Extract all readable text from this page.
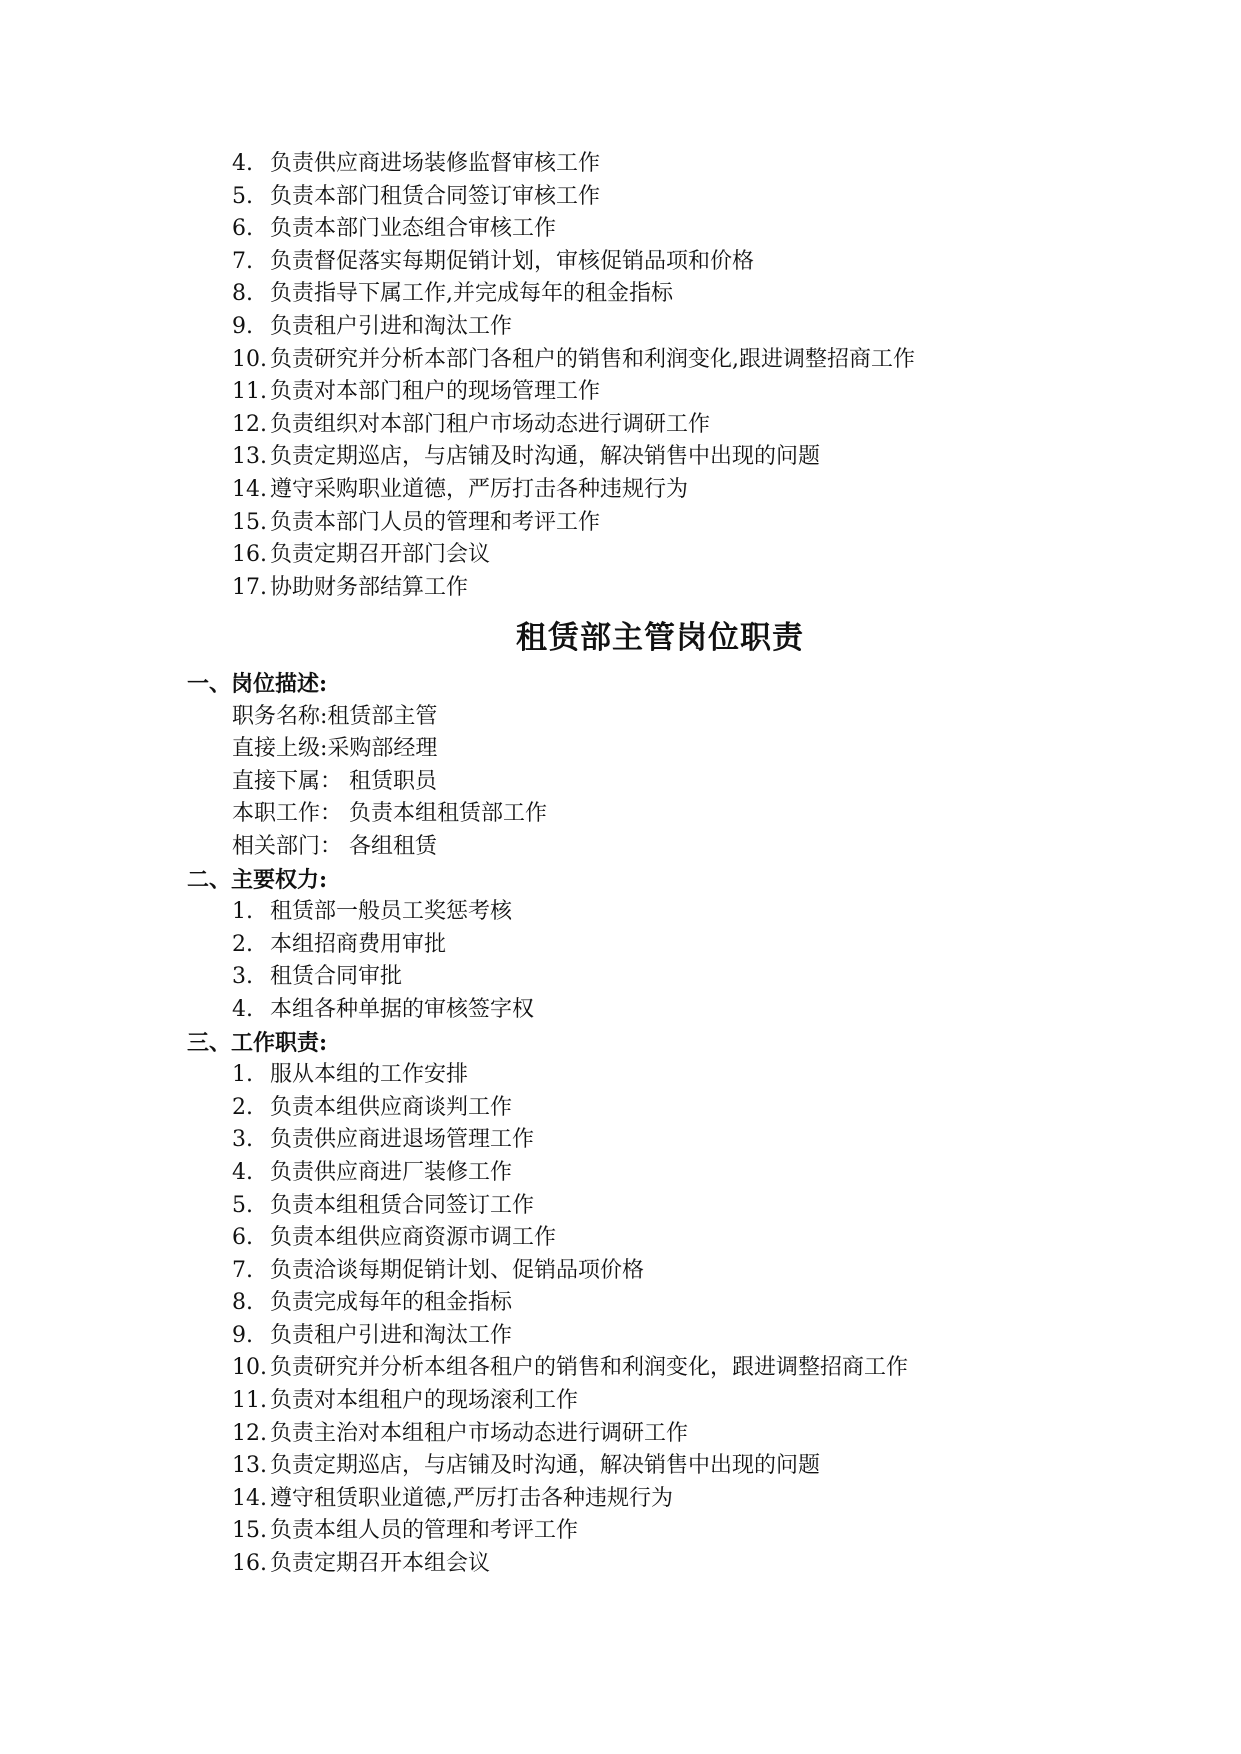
4. 负责供应商进场装修监督审核工作
5. 负责本部门租赁合同签订审核工作
6. 负责本部门业态组合审核工作
7. 负责督促落实每期促销计划，审核促销品项和价格
8. 负责指导下属工作,并完成每年的租金指标
9. 负责租户引进和淘汰工作
10. 负责研究并分析本部门各租户的销售和利润变化,跟进调整招商工作
11. 负责对本部门租户的现场管理工作
12. 负责组织对本部门租户市场动态进行调研工作
13. 负责定期巡店，与店铺及时沟通，解决销售中出现的问题
14. 遵守采购职业道德，严厉打击各种违规行为
15. 负责本部门人员的管理和考评工作
16. 负责定期召开部门会议
17. 协助财务部结算工作
租赁部主管岗位职责
一、岗位描述:
职务名称:租赁部主管
直接上级:采购部经理
直接下属： 租赁职员
本职工作： 负责本组租赁部工作
相关部门： 各组租赁
二、主要权力:
1. 租赁部一般员工奖惩考核
2. 本组招商费用审批
3. 租赁合同审批
4. 本组各种单据的审核签字权
三、工作职责:
1. 服从本组的工作安排
2. 负责本组供应商谈判工作
3. 负责供应商进退场管理工作
4. 负责供应商进厂装修工作
5. 负责本组租赁合同签订工作
6. 负责本组供应商资源市调工作
7. 负责洽谈每期促销计划、促销品项价格
8. 负责完成每年的租金指标
9. 负责租户引进和淘汰工作
10. 负责研究并分析本组各租户的销售和利润变化，跟进调整招商工作
11. 负责对本组租户的现场滚利工作
12. 负责主治对本组租户市场动态进行调研工作
13. 负责定期巡店，与店铺及时沟通，解决销售中出现的问题
14. 遵守租赁职业道德,严厉打击各种违规行为
15. 负责本组人员的管理和考评工作
16. 负责定期召开本组会议
